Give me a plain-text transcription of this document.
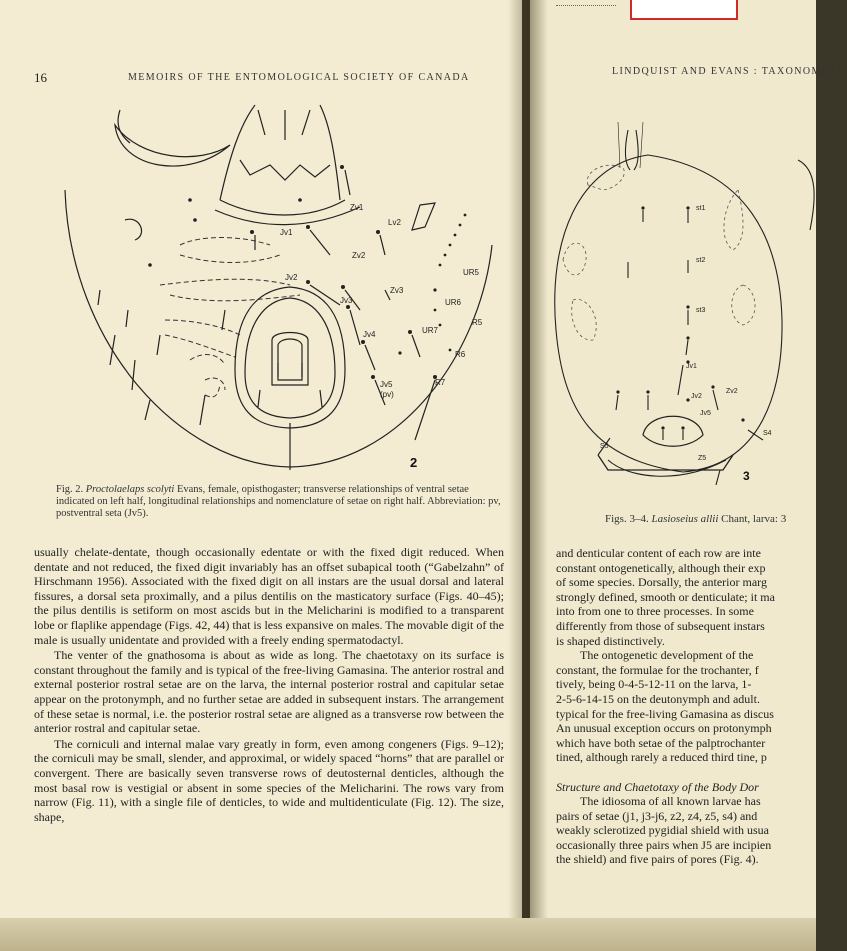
16	MEMOIRS OF THE ENTOMOLOGICAL SOCIETY OF CANADA
LINDQUIST AND EVANS : TAXONOMIC C
Zv1
Lv2
Jv1
Zv2
Jv2
Zv3
Jv3
UR5
UR6
UR7
R5
Jv4
R6
Jv5
(pv)
R7
2
Fig. 2. Proctolaelaps scolyti Evans, female, opisthogaster; transverse relationships of ventral setae indicated on left half, longitudinal relationships and nomenclature of setae on right half. Abbreviation: pv, postventral seta (Jv5).

usually chelate-dentate, though occasionally edentate or with the fixed digit reduced. When dentate and not reduced, the fixed digit invariably has an offset subapical tooth (“Gabelzahn” of Hirschmann 1956). Associated with the fixed digit on all instars are the usual dorsal and lateral fissures, a dorsal seta proximally, and a pilus dentilis on the masticatory surface (Figs. 40–45); the pilus dentilis is setiform on most ascids but in the Melicharini is modified to a transparent lobe or flaplike appendage (Figs. 42, 44) that is less expansive on males. The movable digit of the male is usually unidentate and provided with a freely ending spermatodactyl.

The venter of the gnathosoma is about as wide as long. The chaetotaxy on its surface is constant throughout the family and is typical of the free-living Gamasina. The anterior rostral and external posterior rostral setae are on the larva, the internal posterior rostral and capitular setae appear on the protonymph, and no further setae are added in subsequent instars. The arrangement of these setae is normal, i.e. the posterior rostral setae are aligned as a transverse row between the anterior rostral and capitular setae.

The corniculi and internal malae vary greatly in form, even among congeners (Figs. 9–12); the corniculi may be small, slender, and approximal, or widely spaced “horns” that are parallel or convergent. There are basically seven transverse rows of deutosternal denticles, although the most basal row is vestigial or absent in some species of the Melicharini. The rows vary from narrow (Fig. 11), with a single file of denticles, to wide and multidenticulate (Fig. 12). The size, shape,

st1
st2
st3
Jv1
Jv2
Zv2
Jv5
S4
S5
Z5
3
Figs. 3–4. Lasioseius allii Chant, larva: 3
and denticular content of each row are inte
constant ontogenetically, although their exp
of some species. Dorsally, the anterior marg
strongly defined, smooth or denticulate; it ma
into from one to three processes. In some
differently from those of subsequent instars
is shaped distinctively.
The ontogenetic development of the
constant, the formulae for the trochanter, f
tively, being 0-4-5-12-11 on the larva, 1-
2-5-6-14-15 on the deutonymph and adult.
typical for the free-living Gamasina as discus
An unusual exception occurs on protonymph
which have both setae of the palptrochanter
tined, although rarely a reduced third tine, p
Structure and Chaetotaxy of the Body Dor
The idiosoma of all known larvae has
pairs of setae (j1, j3-j6, z2, z4, z5, s4) and
weakly sclerotized pygidial shield with usua
occasionally three pairs when J5 are incipien
the shield) and five pairs of pores (Fig. 4).
